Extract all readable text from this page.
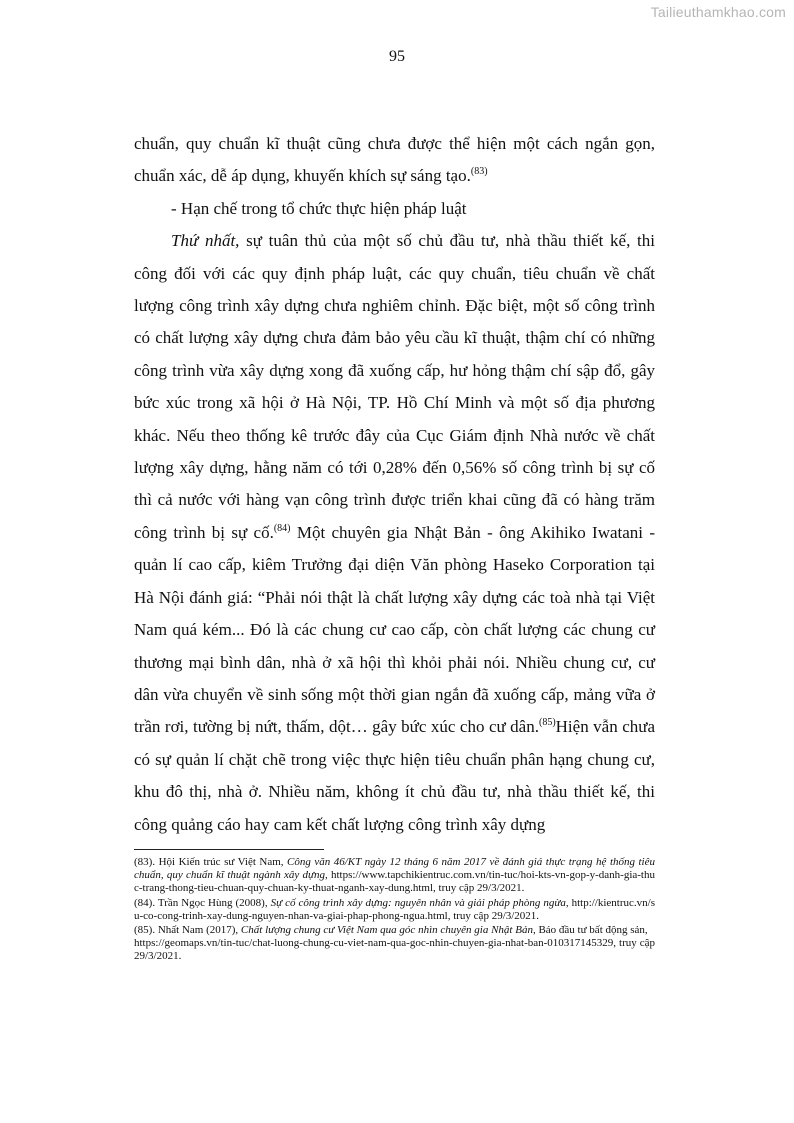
Tailieuthamkhao.com
95

chuẩn, quy chuẩn kĩ thuật cũng chưa được thể hiện một cách ngắn gọn, chuẩn xác, dễ áp dụng, khuyến khích sự sáng tạo.$^{(83)}$

- Hạn chế trong tổ chức thực hiện pháp luật

Thứ nhất, sự tuân thủ của một số chủ đầu tư, nhà thầu thiết kế, thi công đối với các quy định pháp luật, các quy chuẩn, tiêu chuẩn về chất lượng công trình xây dựng chưa nghiêm chỉnh. Đặc biệt, một số công trình có chất lượng xây dựng chưa đảm bảo yêu cầu kĩ thuật, thậm chí có những công trình vừa xây dựng xong đã xuống cấp, hư hỏng thậm chí sập đổ, gây bức xúc trong xã hội ở Hà Nội, TP. Hồ Chí Minh và một số địa phương khác. Nếu theo thống kê trước đây của Cục Giám định Nhà nước về chất lượng xây dựng, hằng năm có tới 0,28% đến 0,56% số công trình bị sự cố thì cả nước với hàng vạn công trình được triển khai cũng đã có hàng trăm công trình bị sự cố.$^{(84)}$ Một chuyên gia Nhật Bản - ông Akihiko Iwatani - quản lí cao cấp, kiêm Trưởng đại diện Văn phòng Haseko Corporation tại Hà Nội đánh giá: “Phải nói thật là chất lượng xây dựng các toà nhà tại Việt Nam quá kém... Đó là các chung cư cao cấp, còn chất lượng các chung cư thương mại bình dân, nhà ở xã hội thì khỏi phải nói. Nhiều chung cư, cư dân vừa chuyển về sinh sống một thời gian ngắn đã xuống cấp, mảng vữa ở trần rơi, tường bị nứt, thấm, dột… gây bức xúc cho cư dân.$^{(85)}$Hiện vẫn chưa có sự quản lí chặt chẽ trong việc thực hiện tiêu chuẩn phân hạng chung cư, khu đô thị, nhà ở. Nhiều năm, không ít chủ đầu tư, nhà thầu thiết kế, thi công quảng cáo hay cam kết chất lượng công trình xây dựng

(83). Hội Kiến trúc sư Việt Nam, Công văn 46/KT ngày 12 tháng 6 năm 2017 về đánh giá thực trạng hệ thống tiêu chuẩn, quy chuẩn kĩ thuật ngành xây dựng, https://www.tapchikientruc.com.vn/tin-tuc/hoi-kts-vn-gop-y-danh-gia-thuc-trang-thong-tieu-chuan-quy-chuan-ky-thuat-nganh-xay-dung.html, truy cập 29/3/2021.

(84). Trần Ngọc Hùng (2008), Sự cố công trình xây dựng: nguyên nhân và giải pháp phòng ngừa, http://kientruc.vn/su-co-cong-trinh-xay-dung-nguyen-nhan-va-giai-phap-phong-ngua.html, truy cập 29/3/2021.

(85). Nhất Nam (2017), Chất lượng chung cư Việt Nam qua góc nhìn chuyên gia Nhật Bản, Báo đầu tư bất động sản,
https://geomaps.vn/tin-tuc/chat-luong-chung-cu-viet-nam-qua-goc-nhin-chuyen-gia-nhat-ban-010317145329, truy cập 29/3/2021.
